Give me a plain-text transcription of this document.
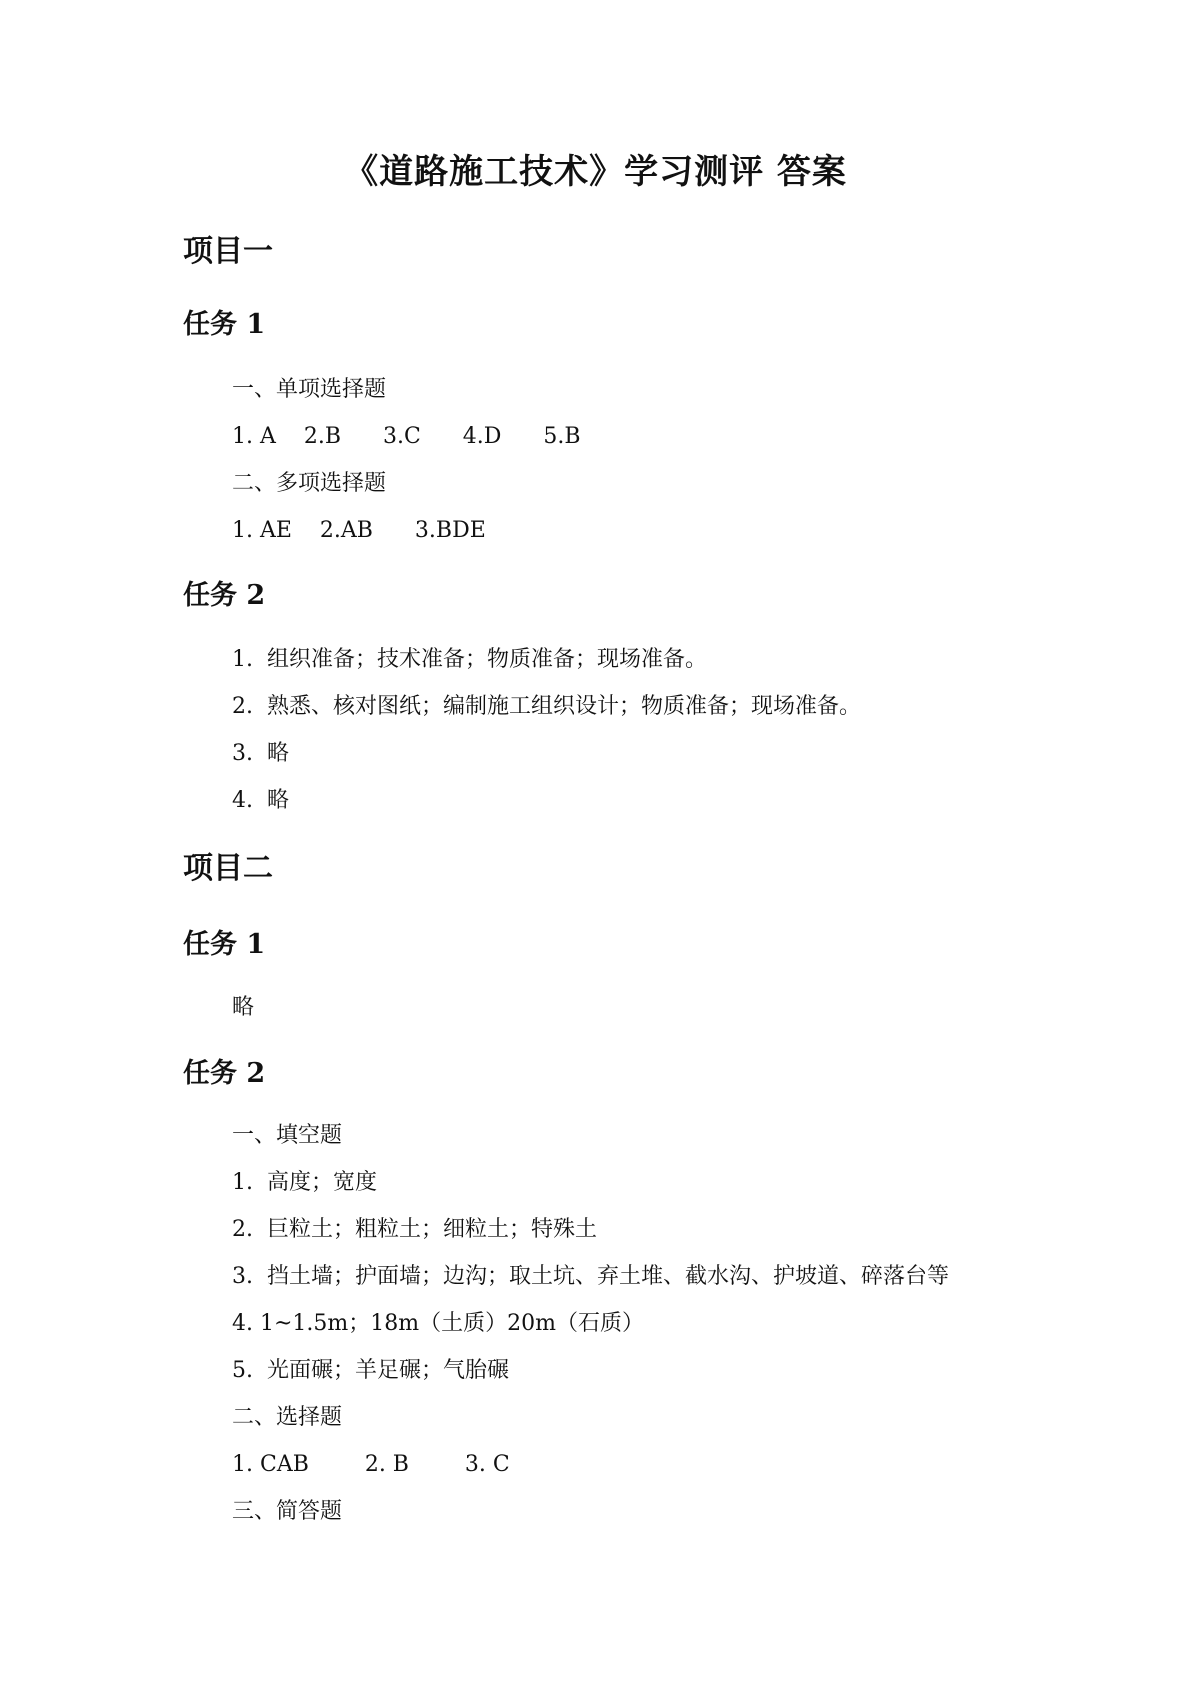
《道路施工技术》学习测评 答案
项目一
任务 1

一、单项选择题

1. A    2.B      3.C      4.D      5.B

二、多项选择题

1. AE    2.AB      3.BDE

任务 2

1.  组织准备；技术准备；物质准备；现场准备。

2.  熟悉、核对图纸；编制施工组织设计；物质准备；现场准备。

3.  略

4.  略

项目二
任务 1

略

任务 2

一、填空题

1.  高度；宽度

2.  巨粒土；粗粒土；细粒土；特殊土

3.  挡土墙；护面墙；边沟；取土坑、弃土堆、截水沟、护坡道、碎落台等

4. 1~1.5m；18m（土质）20m（石质）

5.  光面碾；羊足碾；气胎碾

二、选择题

1. CAB        2. B        3. C

三、简答题
